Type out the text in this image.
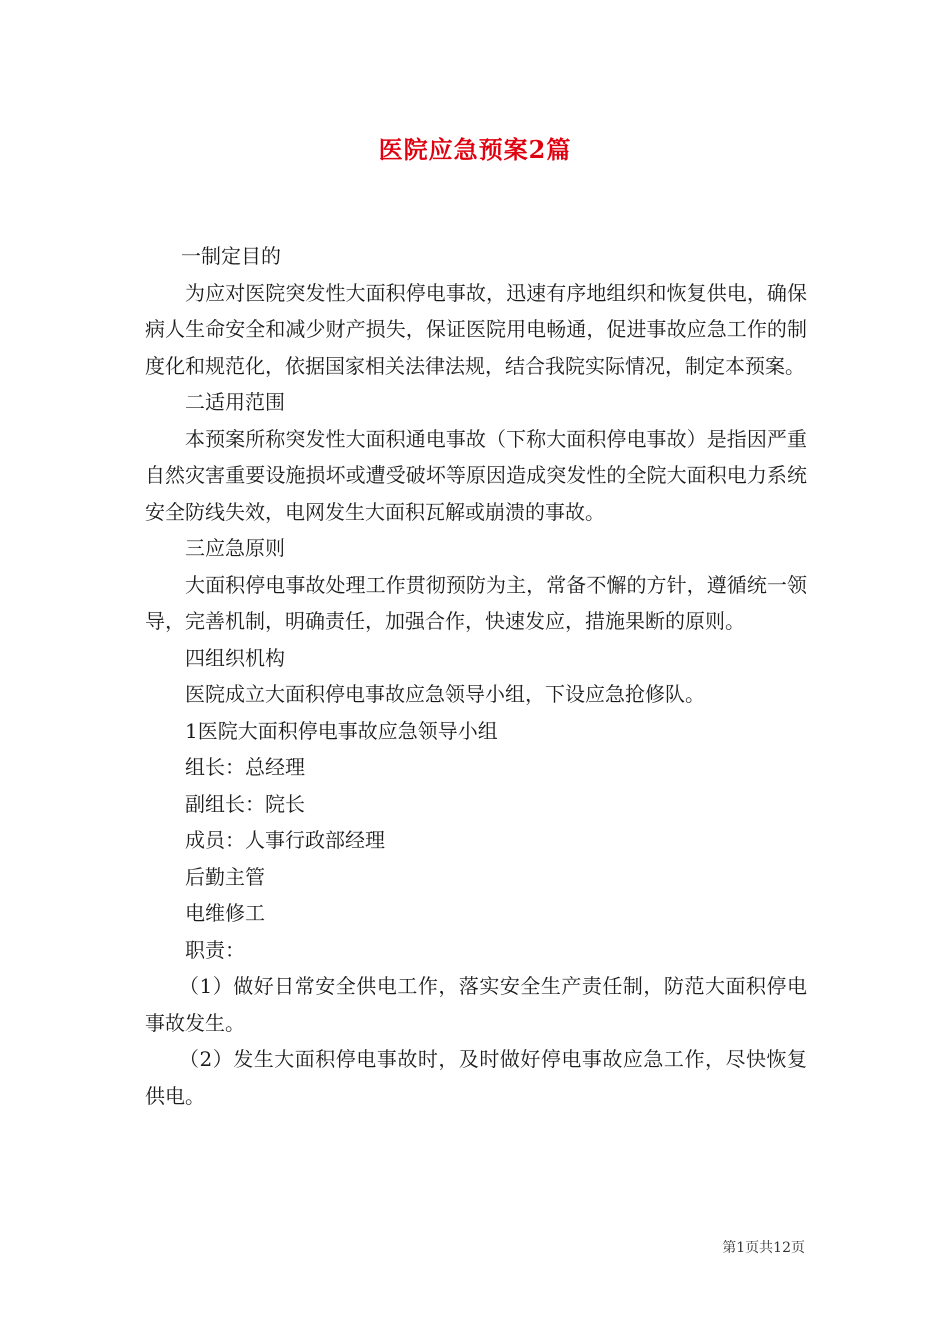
医院应急预案2篇

一制定目的

为应对医院突发性大面积停电事故，迅速有序地组织和恢复供电，确保病人生命安全和减少财产损失，保证医院用电畅通，促进事故应急工作的制度化和规范化，依据国家相关法律法规，结合我院实际情况，制定本预案。

二适用范围

本预案所称突发性大面积通电事故（下称大面积停电事故）是指因严重自然灾害重要设施损坏或遭受破坏等原因造成突发性的全院大面积电力系统安全防线失效，电网发生大面积瓦解或崩溃的事故。

三应急原则

大面积停电事故处理工作贯彻预防为主，常备不懈的方针，遵循统一领导，完善机制，明确责任，加强合作，快速发应，措施果断的原则。

四组织机构

医院成立大面积停电事故应急领导小组，下设应急抢修队。

1医院大面积停电事故应急领导小组

组长：总经理

副组长：院长

成员：人事行政部经理

后勤主管

电维修工

职责：

（1）做好日常安全供电工作，落实安全生产责任制，防范大面积停电事故发生。

（2）发生大面积停电事故时，及时做好停电事故应急工作，尽快恢复供电。

第1页共12页
